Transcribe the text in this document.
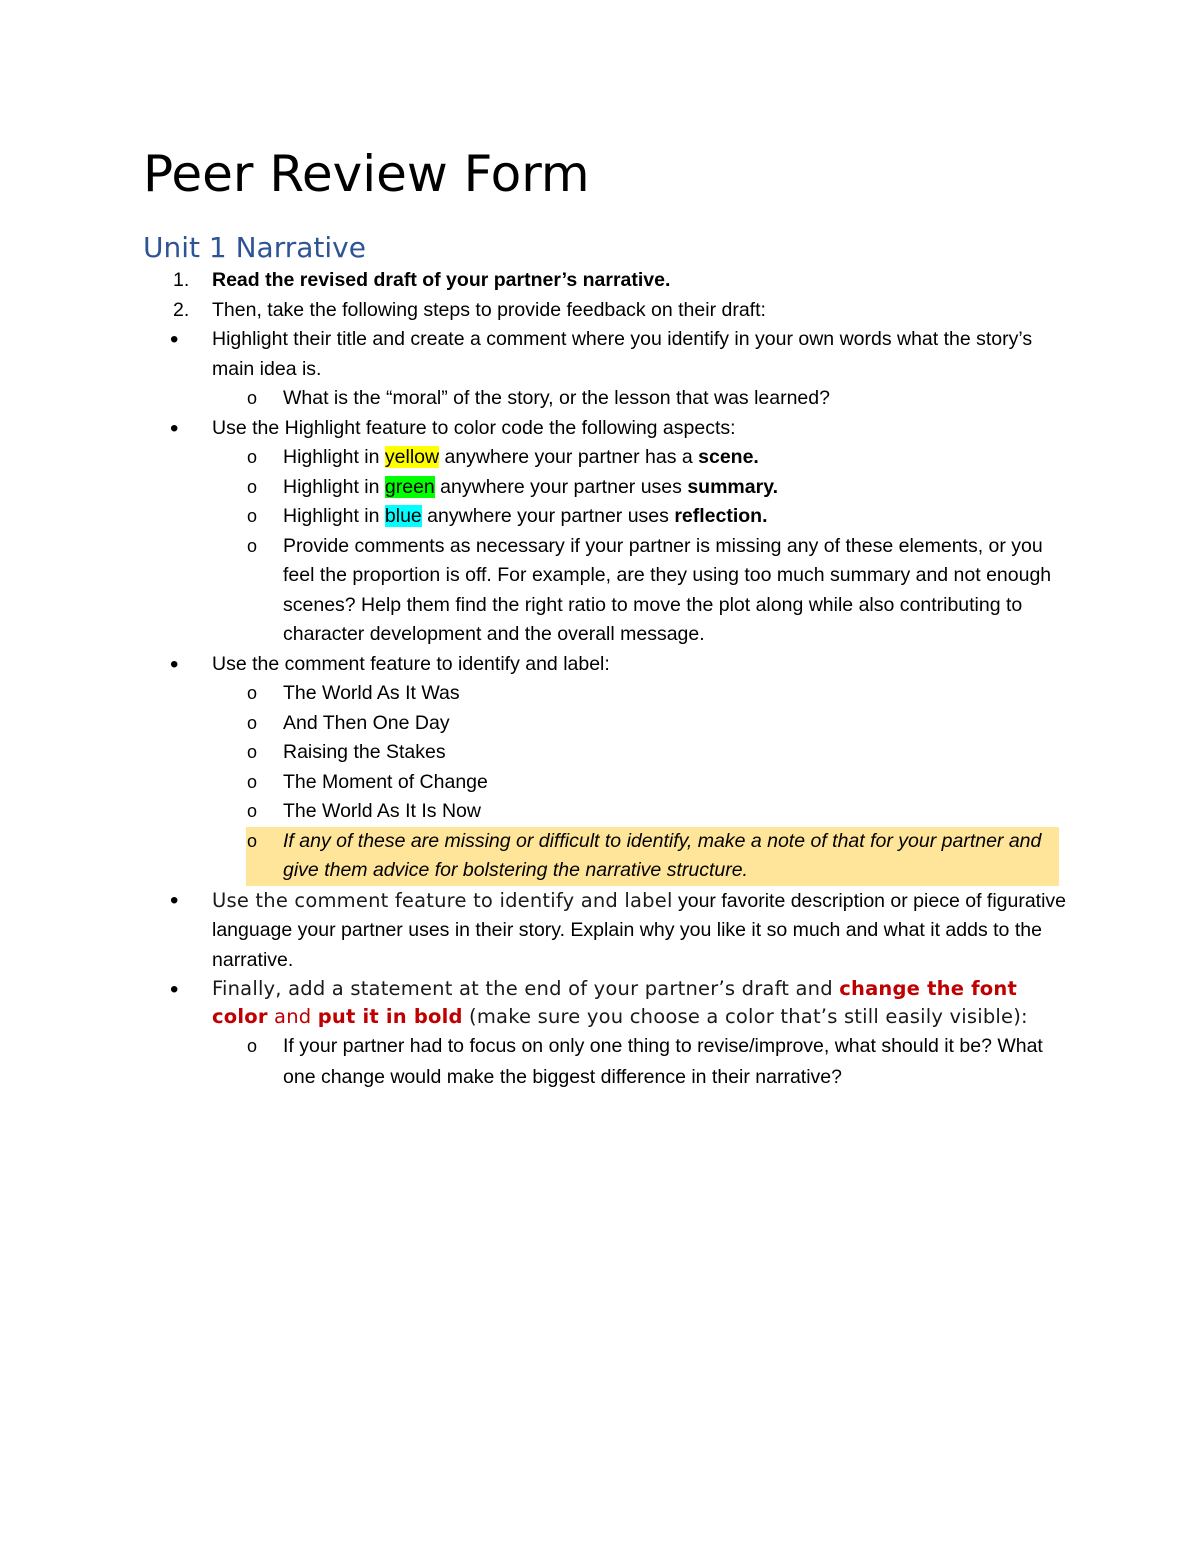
Peer Review Form
Unit 1 Narrative
1. Read the revised draft of your partner’s narrative.
2. Then, take the following steps to provide feedback on their draft:
• Highlight their title and create a comment where you identify in your own words what the story’s main idea is.
o What is the “moral” of the story, or the lesson that was learned?
• Use the Highlight feature to color code the following aspects:
o Highlight in yellow anywhere your partner has a scene.
o Highlight in green anywhere your partner uses summary.
o Highlight in blue anywhere your partner uses reflection.
o Provide comments as necessary if your partner is missing any of these elements, or you feel the proportion is off. For example, are they using too much summary and not enough scenes? Help them find the right ratio to move the plot along while also contributing to character development and the overall message.
• Use the comment feature to identify and label:
o The World As It Was
o And Then One Day
o Raising the Stakes
o The Moment of Change
o The World As It Is Now
o If any of these are missing or difficult to identify, make a note of that for your partner and give them advice for bolstering the narrative structure.
• Use the comment feature to identify and label your favorite description or piece of figurative language your partner uses in their story. Explain why you like it so much and what it adds to the narrative.
• Finally, add a statement at the end of your partner’s draft and change the font color and put it in bold (make sure you choose a color that’s still easily visible):
o If your partner had to focus on only one thing to revise/improve, what should it be? What one change would make the biggest difference in their narrative?
